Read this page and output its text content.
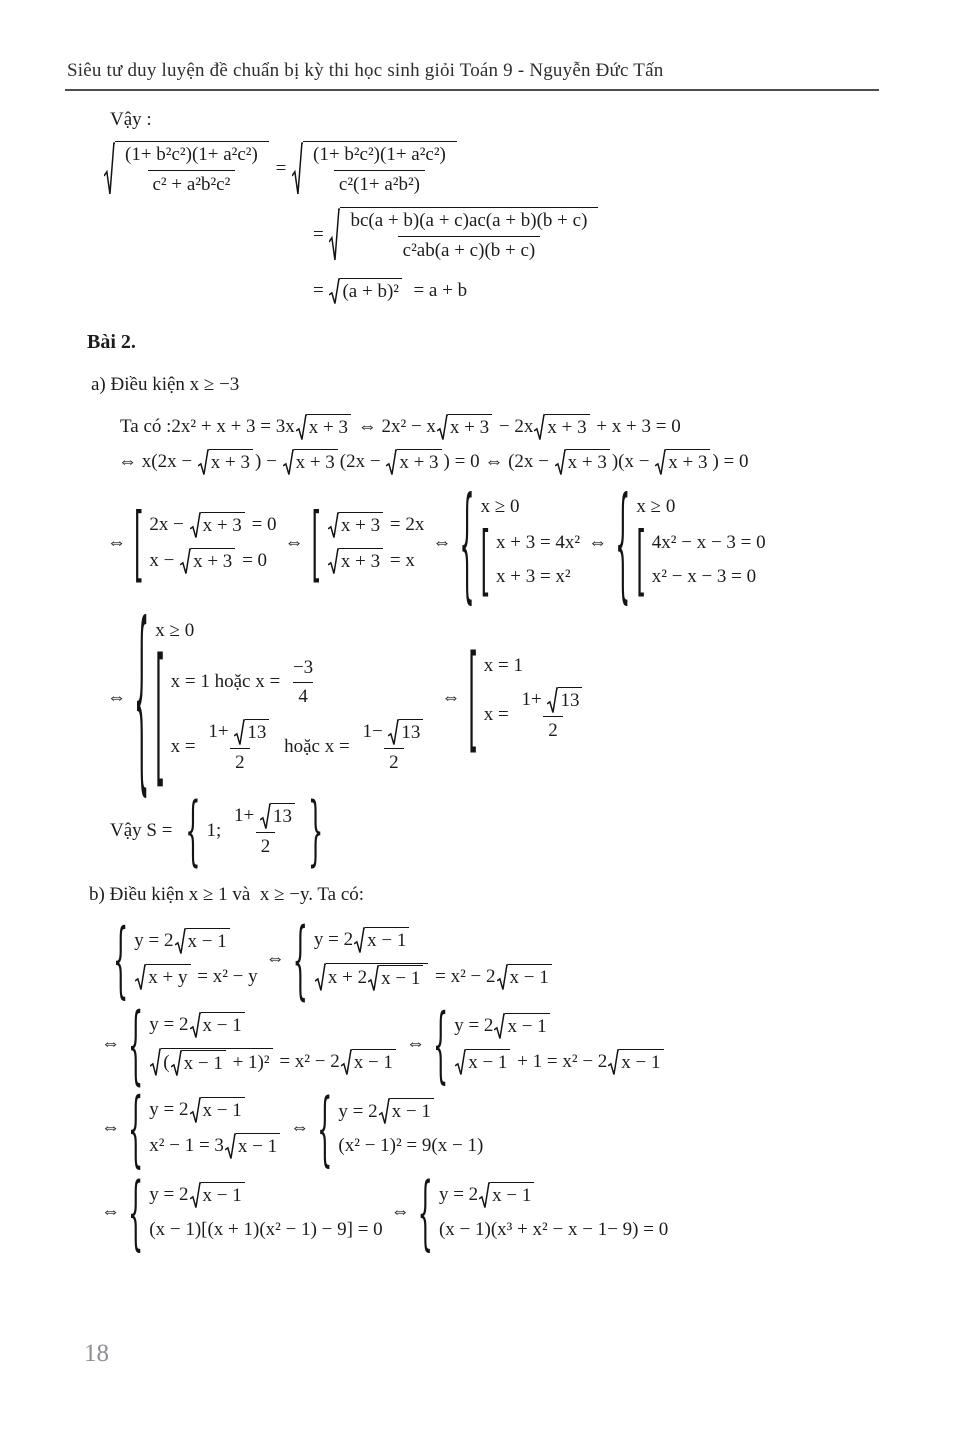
Siêu tư duy luyện đề chuẩn bị kỳ thi học sinh giỏi Toán 9 - Nguyễn Đức Tấn
Vậy :
$\frac{\text{(1+ b²c²)(1+ a²c²)}}{\text{c² + a²b²c²}} = \frac{\text{(1+ b²c²)(1+ a²c²)}}{\text{c²(1+ a²b²)}}$
= $\frac{bc(a + b)(a + c)ac(a + b)(b + c)}{\text{c²ab(a + c)(b + c)}}$
= (a + b)² = a + b
Bài 2.
a) Điều kiện x ≥ −3
Ta có :2x² + x + 3 = 3x x + 3 ⇔ 2x² − x x + 3 − 2x x + 3 + x + 3 = 0
⇔ x(2x − x + 3 ) − x + 3 (2x − x + 3 ) = 0 ⇔ (2x − x + 3 )(x − x + 3 ) = 0
⇔ [ 2x − x + 3 = 0
x − x + 3 = 0
⇔ [ x + 3 = 2x
x + 3 = x
⇔ { x ≥ 0
[ x + 3 = 4x²
x + 3 = x²
⇔ { x ≥ 0
[ 4x² − x − 3 = 0
x² − x − 3 = 0
⇔ { x ≥ 0
[ x = 1 hoặc $x = \frac{-3}{4}$
$x = \frac{1+ 13}{2}$ hoặc $x = \frac{1- 13}{2}$
⇔ [ x = 1
$x = \frac{1+ 13}{2}$
Vậy S = { 1; $\frac{1+ 13}{2}$ }
b) Điều kiện x ≥ 1 và  x ≥ −y. Ta có:
{ y = 2 x − 1
x + y = x² − y
⇔ { y = 2 x − 1
x + 2 x − 1 = x² − 2 x − 1
⇔ { y = 2 x − 1
( x − 1 + 1)² = x² − 2 x − 1
⇔ { y = 2 x − 1
x − 1 + 1 = x² − 2 x − 1
⇔ { y = 2 x − 1
x² − 1 = 3 x − 1
⇔ { y = 2 x − 1
(x² − 1)² = 9(x − 1)
⇔ { y = 2 x − 1
(x − 1)[(x + 1)(x² − 1) − 9] = 0
⇔ { y = 2 x − 1
(x − 1)(x³ + x² − x − 1− 9) = 0
18
